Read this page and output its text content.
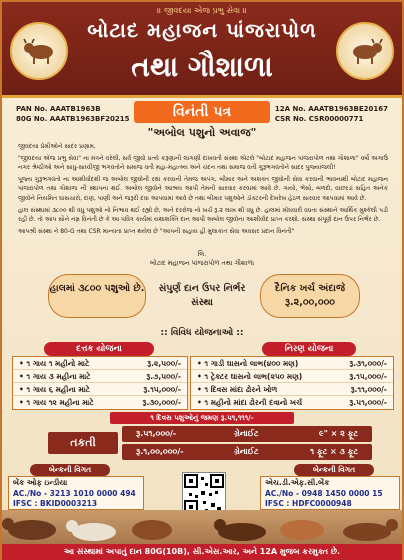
॥ જીવદયા એજ પ્રભુ સેવા ॥
બોટાદ મહાજન પાંજરાપોળ
તથા ગૌશાળા
PAN No. AAATB1963B
80G No. AAATB1963BF20215	વિનંતી પત્ર	12A No. AAATB1963BE20167
CSR No. CSR00000771
"અબોલ પશુનો અવાજ"

જીવદયા પ્રેમીઓને સાદર પ્રણામ,

"જીવદયા એજ પ્રભુ સેવા" ના મંત્રને વરેલી, સર્વ જીવો પ્રત્યે કરૂણાની લાગણી દાખવતી સંસ્થા એટલે "બોટાદ મહાજન પાંજરાપોળ તથા ગૌશાળા" વર્ષો અગાઉ નગર શ્રેષ્ઠીઓ અને સાધુ-સાધ્વીજી ભગવંતોને સમાજ વતી મહા-મહાત્મ્ય અને ચંદન તથા સમાજ વતી ગુરૂભગવંતોને સાદર પુજ્યાંજલી!

પૂજ્ય ગુરૂભગવંતો ના આશીર્વાદથી જ અબોલ જીવોની રક્ષા કરવાની તેમજ અપંગ, બીમાર અને અશક્ત જીવોની સેવા કરવાની ભાવનાથી બોટાદ મહાજન પાંજરાપોળ તથા ગૌશાળા ની સ્થાપના થઈ. અબોલ જીવોને આશ્રય આપી તેમની સારવાર કરવામાં આવે છે. ગાયો, ભેંસો, બળદો, વાછરડાં સહિત અનેક જીવોને નિયમિત ઘાસચારો, દાણ, પાણી અને જરૂરી દવા આપવામાં આવે છે તથા બીમાર પશુઓને ડૉક્ટરની દેખરેખ હેઠળ સારવાર આપવામાં આવે છે.

હાલ સંસ્થામાં ૩૮૦૦ થી વધુ પશુઓ નો નિભાવ થઈ રહ્યો છે, અને દરરોજ નો ખર્ચ રૂ.૨ લાખ થી વધુ છે. હાલમાં મોંઘવારી વધતા સંસ્થાને આર્થિક મુશ્કેલી પડી રહી છે. તો આપ સૌને નમ્ર વિનંતી છે કે આ પવિત્ર કાર્યમાં યથાશક્તિ દાન આપી અબોલ જીવોના આશીર્વાદ પ્રાપ્ત કરશો. સંસ્થા સંપૂર્ણ દાન ઉપર નિર્ભર છે.

આપશ્રી સંસ્થા ને 80-G તથા CSR માન્યતા પ્રાપ્ત થયેલ છે "આપની સહાય હી મુલાકાત સેવા અવસર પ્રદાન વિનંતી"

લિ.
બોટાદ મહાજન પાંજરાપોળ તથા ગૌશાળા
હાલમાં ૩૮૦૦ પશુઓ છે.	સંપુર્ણ દાન ઉપર નિર્ભર સંસ્થા
દૈનિક ખર્ચ અંદાજે રૂ.૨,૦૦,૦૦૦
:: વિવિધ યોજનાઓ ::
દત્તક યોજના	નિરણ યોજના
• ૧ ગાય ૧ મહીનો માટે	રૂ.૨,૫૦૦/-
• ૧ ગાય ૩ મહીના માટે	રૂ.૭,૫૦૦/-
• ૧ ગાય ૬ મહીના માટે	રૂ.૧૫,૦૦૦/-
• ૧ ગાય ૧૨ મહીના માટે	રૂ.૩૦,૦૦૦/-
• ૧ ગાડી ઘાસનો લાભ(૪૦૦ મણ)	રૂ.૩૧,૦૦૦/-
• ૧ ટ્રેક્ટર ઘાસનો લાભ(૨૫૦ મણ)	રૂ.૧૫,૦૦૦/-
• ૧ દિવસ માંદા ઢોરને ખોળ	રૂ.૧૧,૦૦૦/-
• ૧ મહીનો માંદા ઢોરની દવાનો ખર્ચ	રૂ.૫૧,૦૦૦/-
૧ દિવસ પશુઓનું જમણ રૂ.૫૧,૧૧૧/-
તકતી
રૂ.૫૧,૦૦૦/-	ગ્રેનાઈટ	૯" × ૨ ફૂટ
રૂ.૧,૦૦,૦૦૦/-	ગ્રેનાઈટ	૧ ફૂટ × ૩ ફૂટ
બેન્કની વિગત	બેન્કની વિગત
બેંક ઓફ ઇન્ડીયા
AC./No - 3213 1010 0000 494
IFSC : BKID0003213
એચ.ડી.એફ.સી.બેંક
AC./No - 0948 1450 0000 15
IFSC : HDFC0000948
આ સંસ્થામાં અપાતું દાન 80G(10B), સી.એસ.આર, અને 12A મુજબ કરમુક્ત છે.
